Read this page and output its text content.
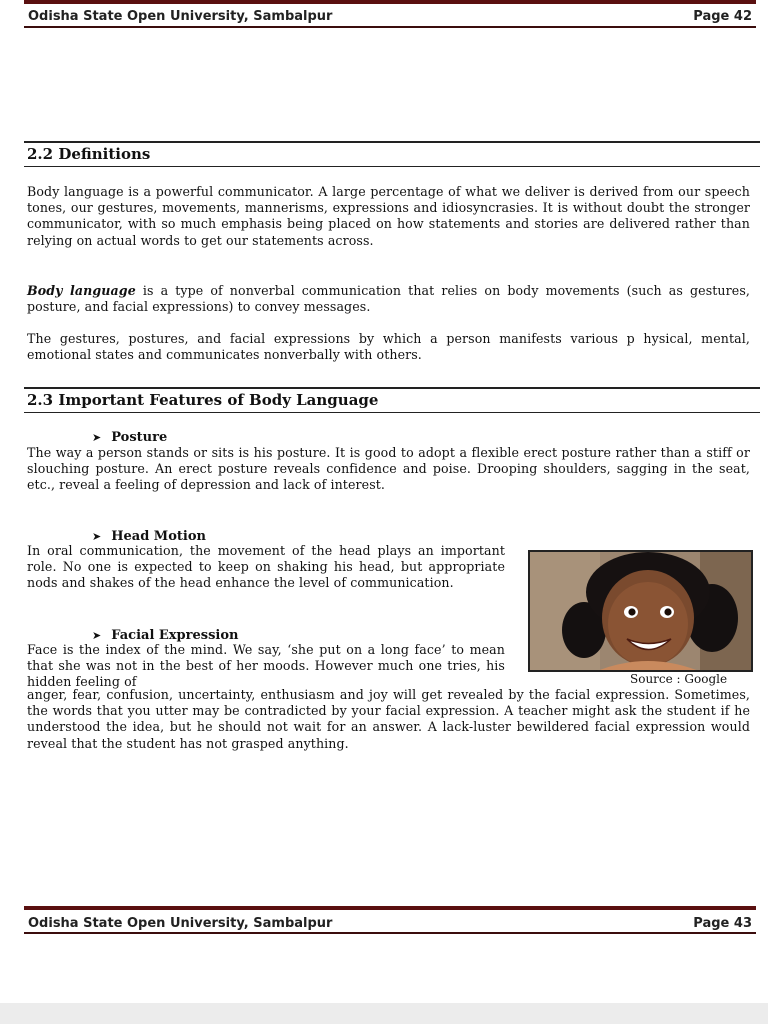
Odisha State Open University, Sambalpur	Page 42
2.2 Definitions

Body language is a powerful communicator. A large percentage of what we deliver is derived from our speech tones, our gestures, movements, mannerisms, expressions and idiosyncrasies. It is without doubt the stronger communicator, with so much emphasis being placed on how statements and stories are delivered rather than relying on actual words to get our statements across.

Body language is a type of nonverbal communication that relies on body movements (such as gestures, posture, and facial expressions) to convey messages.

The gestures, postures, and facial expressions by which a person manifests various p hysical, mental, emotional states and communicates nonverbally with others.

2.3 Important Features of Body Language
➤ Posture

The way a person stands or sits is his posture. It is good to adopt a flexible erect posture rather than a stiff or slouching posture. An erect posture reveals confidence and poise. Drooping shoulders, sagging in the seat, etc., reveal a feeling of depression and lack of interest.

➤ Head Motion

In oral communication, the movement of the head plays an important role. No one is expected to keep on shaking his head, but appropriate nods and shakes of the head enhance the level of communication.

Source : Google
➤ Facial Expression

Face is the index of the mind. We say, ‘she put on a long face’ to mean that she was not in the best of her moods. However much one tries, his hidden feeling of

anger, fear, confusion, uncertainty, enthusiasm and joy will get revealed by the facial expression. Sometimes, the words that you utter may be contradicted by your facial expression. A teacher might ask the student if he understood the idea, but he should not wait for an answer. A lack-luster bewildered facial expression would reveal that the student has not grasped anything.

Odisha State Open University, Sambalpur	Page 43
